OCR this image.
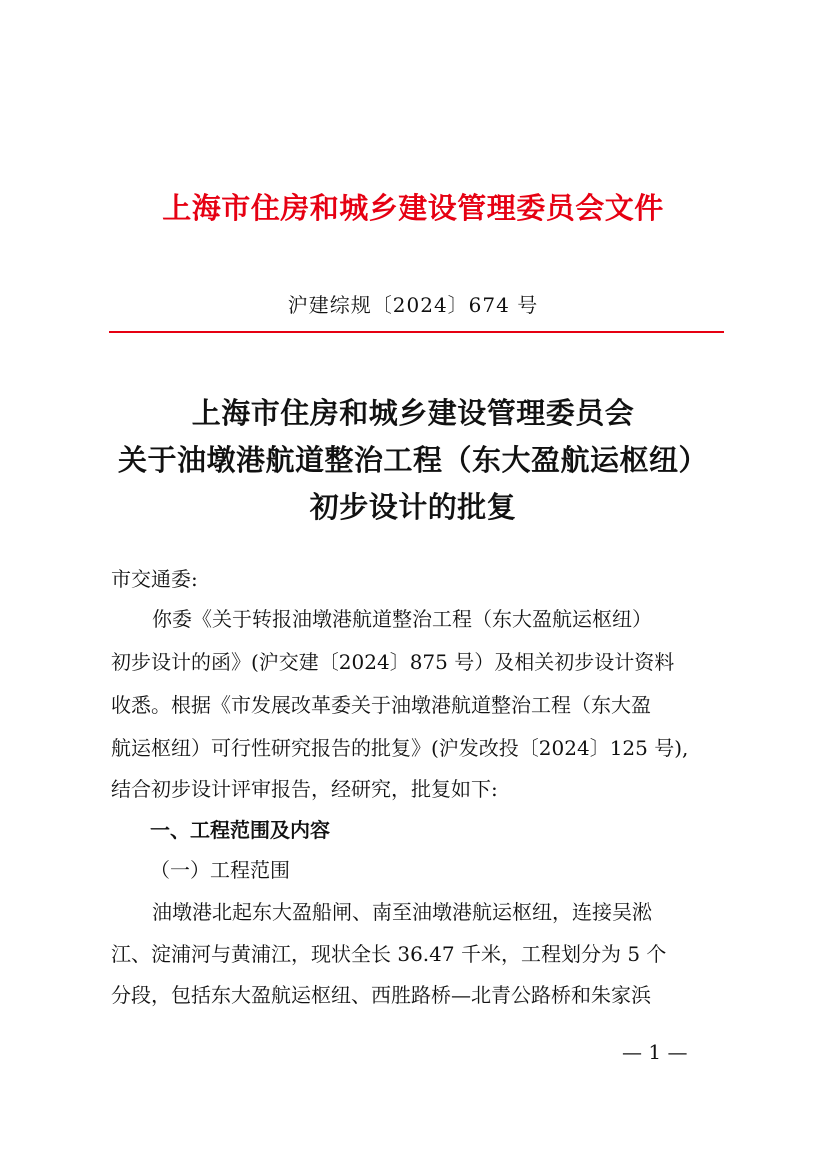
上海市住房和城乡建设管理委员会文件
沪建综规〔2024〕674 号
上海市住房和城乡建设管理委员会
关于油墩港航道整治工程（东大盈航运枢纽）
初步设计的批复
市交通委:
你委《关于转报油墩港航道整治工程（东大盈航运枢纽）
初步设计的函》(沪交建〔2024〕875 号）及相关初步设计资料
收悉。根据《市发展改革委关于油墩港航道整治工程（东大盈
航运枢纽）可行性研究报告的批复》(沪发改投〔2024〕125 号),
结合初步设计评审报告，经研究，批复如下:
一、工程范围及内容
（一）工程范围
油墩港北起东大盈船闸、南至油墩港航运枢纽，连接吴淞
江、淀浦河与黄浦江，现状全长 36.47 千米，工程划分为 5 个
分段，包括东大盈航运枢纽、西胜路桥—北青公路桥和朱家浜
— 1 —
